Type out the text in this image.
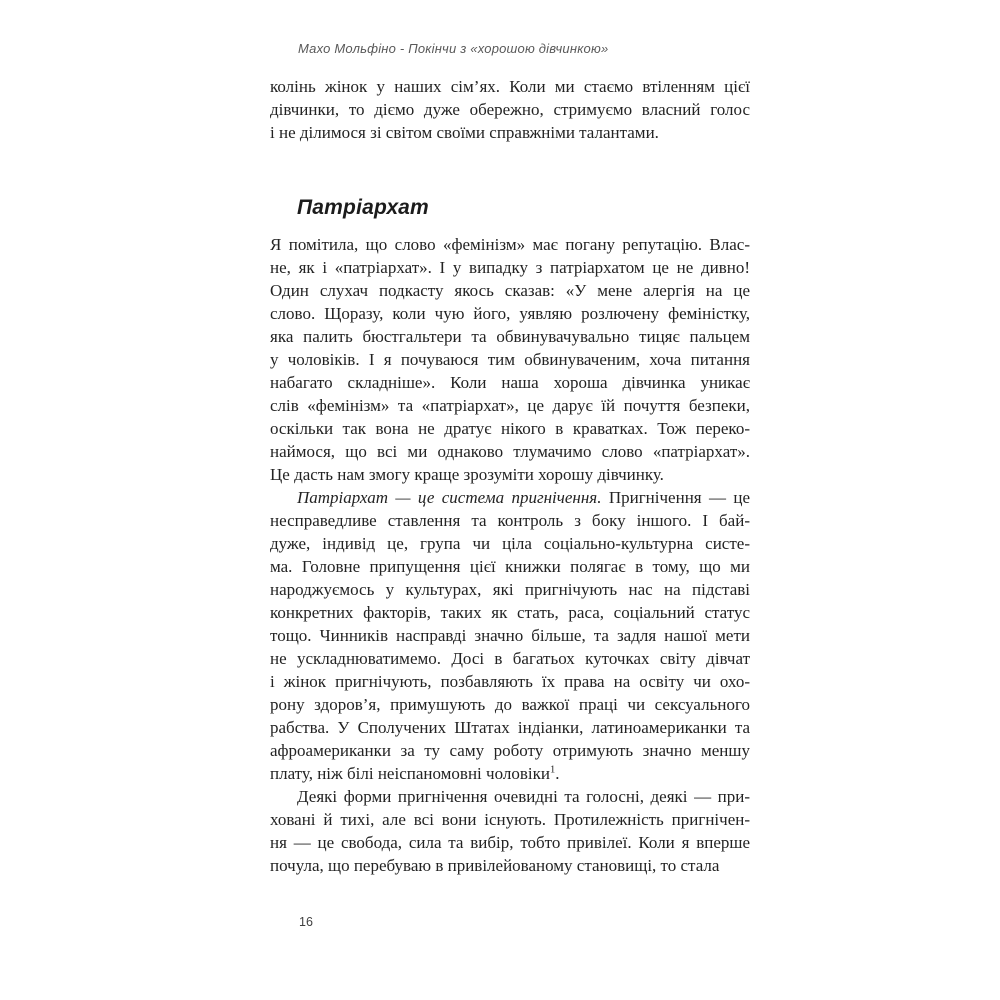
Махо Мольфіно - Покінчи з «хорошою дівчинкою»
колінь жінок у наших сім’ях. Коли ми стаємо втіленням цієї
дівчинки, то діємо дуже обережно, стримуємо власний голос
і не ділимося зі світом своїми справжніми талантами.
Патріархат
Я помітила, що слово «фемінізм» має погану репутацію. Влас-
не, як і «патріархат». І у випадку з патріархатом це не дивно!
Один слухач подкасту якось сказав: «У мене алергія на це
слово. Щоразу, коли чую його, уявляю розлючену феміністку,
яка палить бюстгальтери та обвинувачувально тицяє пальцем
у чоловіків. І я почуваюся тим обвинуваченим, хоча питання
набагато складніше». Коли наша хороша дівчинка уникає
слів «фемінізм» та «патріархат», це дарує їй почуття безпеки,
оскільки так вона не дратує нікого в краватках. Тож переко-
наймося, що всі ми однаково тлумачимо слово «патріархат».
Це дасть нам змогу краще зрозуміти хорошу дівчинку.
Патріархат — це система пригнічення. Пригнічення — це
несправедливе ставлення та контроль з боку іншого. І бай-
дуже, індивід це, група чи ціла соціально-культурна систе-
ма. Головне припущення цієї книжки полягає в тому, що ми
народжуємось у культурах, які пригнічують нас на підставі
конкретних факторів, таких як стать, раса, соціальний статус
тощо. Чинників насправді значно більше, та задля нашої мети
не ускладнюватимемо. Досі в багатьох куточках світу дівчат
і жінок пригнічують, позбавляють їх права на освіту чи охо-
рону здоров’я, примушують до важкої праці чи сексуального
рабства. У Сполучених Штатах індіанки, латиноамериканки та
афроамериканки за ту саму роботу отримують значно меншу
плату, ніж білі неіспаномовні чоловіки$^1$.
Деякі форми пригнічення очевидні та голосні, деякі — при-
ховані й тихі, але всі вони існують. Протилежність пригнічен-
ня — це свобода, сила та вибір, тобто привілеї. Коли я вперше
почула, що перебуваю в привілейованому становищі, то стала
16
